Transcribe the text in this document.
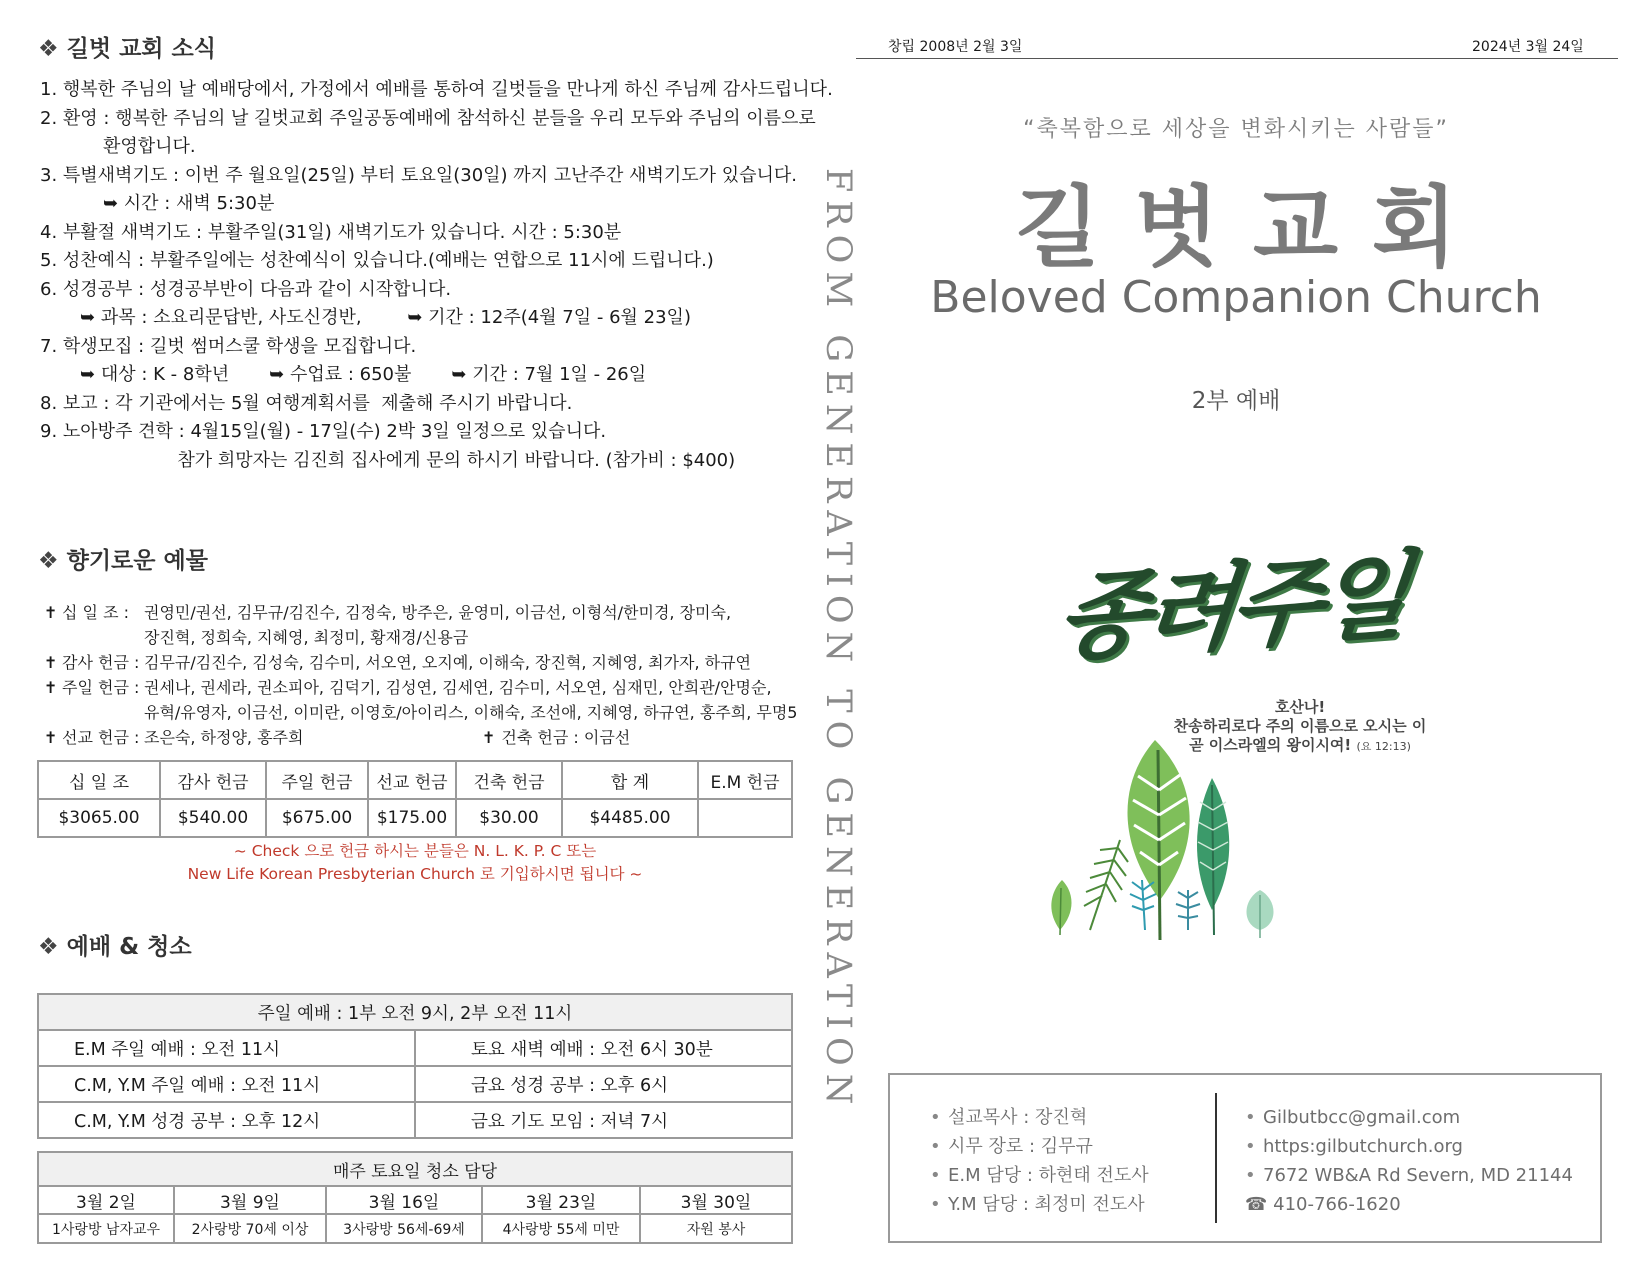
❖ 길벗 교회 소식
1. 행복한 주님의 날 예배당에서, 가정에서 예배를 통하여 길벗들을 만나게 하신 주님께 감사드립니다.
2. 환영 : 행복한 주님의 날 길벗교회 주일공동예배에 참석하신 분들을 우리 모두와 주님의 이름으로
환영합니다.
3. 특별새벽기도 : 이번 주 월요일(25일) 부터 토요일(30일) 까지 고난주간 새벽기도가 있습니다.
➥ 시간 : 새벽 5:30분
4. 부활절 새벽기도 : 부활주일(31일) 새벽기도가 있습니다. 시간 : 5:30분
5. 성찬예식 : 부활주일에는 성찬예식이 있습니다.(예배는 연합으로 11시에 드립니다.)
6. 성경공부 : 성경공부반이 다음과 같이 시작합니다.
➥ 과목 : 소요리문답반, 사도신경반,        ➥ 기간 : 12주(4월 7일 - 6월 23일)
7. 학생모집 : 길벗 썸머스쿨 학생을 모집합니다.
➥ 대상 : K - 8학년       ➥ 수업료 : 650불       ➥ 기간 : 7월 1일 - 26일
8. 보고 : 각 기관에서는 5월 여행계획서를  제출해 주시기 바랍니다.
9. 노아방주 견학 : 4월15일(월) - 17일(수) 2박 3일 일정으로 있습니다.
참가 희망자는 김진희 집사에게 문의 하시기 바랍니다. (참가비 : $400)
❖ 향기로운 예물
✝ 십 일 조 : 권영민/권선, 김무규/김진수, 김정숙, 방주은, 윤영미, 이금선, 이형석/한미경, 장미숙,
장진혁, 정희숙, 지혜영, 최정미, 황재경/신용금
✝ 감사 헌금 : 김무규/김진수, 김성숙, 김수미, 서오연, 오지예, 이해숙, 장진혁, 지혜영, 최가자, 하규연
✝ 주일 헌금 : 권세나, 권세라, 권소피아, 김덕기, 김성연, 김세연, 김수미, 서오연, 심재민, 안희관/안명순,
유혁/유영자, 이금선, 이미란, 이영호/아이리스, 이해숙, 조선애, 지혜영, 하규연, 홍주희, 무명5
✝ 선교 헌금 : 조은숙, 하정양, 홍주희	✝ 건축 헌금 : 이금선
십 일 조	감사 헌금	주일 헌금	선교 헌금	건축 헌금	합 계	E.M 헌금
$3065.00	$540.00	$675.00	$175.00	$30.00	$4485.00	
~ Check 으로 헌금 하시는 분들은 N. L. K. P. C 또는
New Life Korean Presbyterian Church 로 기입하시면 됩니다 ~
❖ 예배 & 청소
주일 예배 : 1부 오전 9시, 2부 오전 11시	
E.M 주일 예배 : 오전 11시	토요 새벽 예배 : 오전 6시 30분
C.M, Y.M 주일 예배 : 오전 11시	금요 성경 공부 : 오후 6시
C.M, Y.M 성경 공부 : 오후 12시	금요 기도 모임 : 저녁 7시
매주 토요일 청소 담당				
3월 2일	3월 9일	3월 16일	3월 23일	3월 30일
1사랑방 남자교우	2사랑방 70세 이상	3사랑방 56세-69세	4사랑방 55세 미만	자원 봉사
FROM GENERATION TO GENERATION
창립 2008년 2월 3일	2024년 3월 24일
“축복함으로 세상을 변화시키는 사람들”
길벗교회
Beloved Companion Church
2부 예배
종려주일
호산나!
찬송하리로다 주의 이름으로 오시는 이
곧 이스라엘의 왕이시여! (요 12:13)
• 설교목사 : 장진혁
• 시무 장로 : 김무규
• E.M 담당 : 하현태 전도사
• Y.M 담당 : 최정미 전도사
• Gilbutbcc@gmail.com
• https:gilbutchurch.org
• 7672 WB&A Rd Severn, MD 21144
☎ 410-766-1620
